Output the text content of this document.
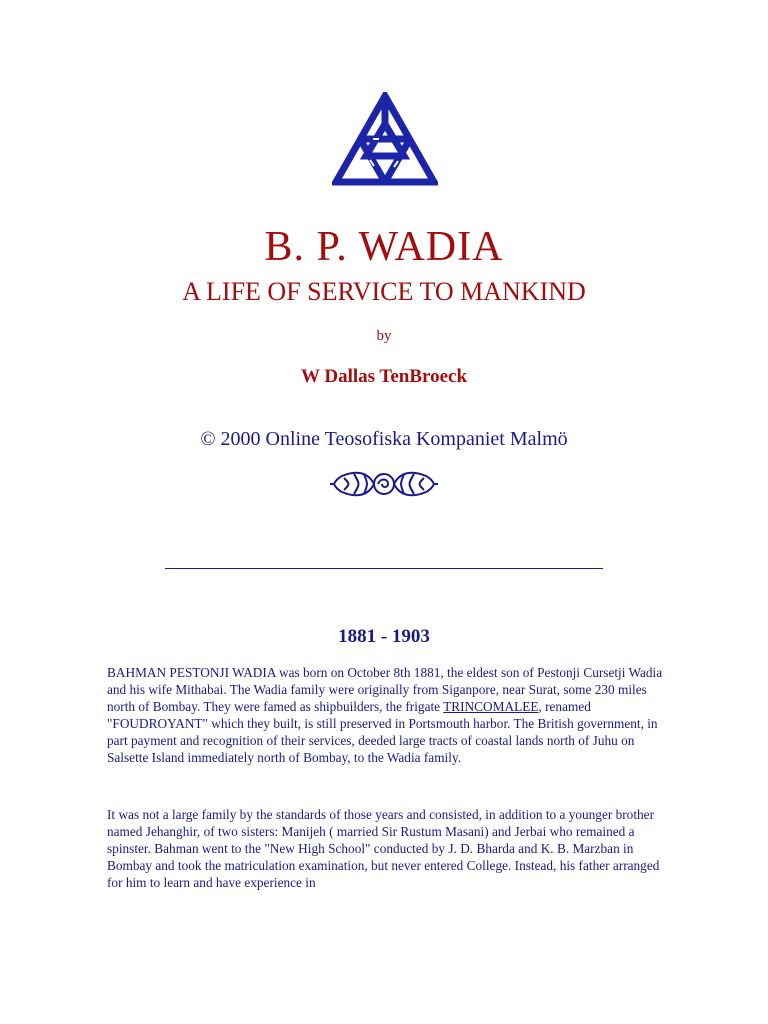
B. P. WADIA
A LIFE OF SERVICE TO MANKIND
by
W Dallas TenBroeck
© 2000 Online Teosofiska Kompaniet Malmö
1881 - 1903

BAHMAN PESTONJI WADIA was born on October 8th 1881, the eldest son of Pestonji Cursetji Wadia and his wife Mithabai. The Wadia family were originally from Siganpore, near Surat, some 230 miles north of Bombay. They were famed as shipbuilders, the frigate TRINCOMALEE, renamed "FOUDROYANT" which they built, is still preserved in Portsmouth harbor. The British government, in part payment and recognition of their services, deeded large tracts of coastal lands north of Juhu on Salsette Island immediately north of Bombay, to the Wadia family.

It was not a large family by the standards of those years and consisted, in addition to a younger brother named Jehanghir, of two sisters: Manijeh ( married Sir Rustum Masani) and Jerbai who remained a spinster. Bahman went to the "New High School" conducted by J. D. Bharda and K. B. Marzban in Bombay and took the matriculation examination, but never entered College. Instead, his father arranged for him to learn and have experience in
